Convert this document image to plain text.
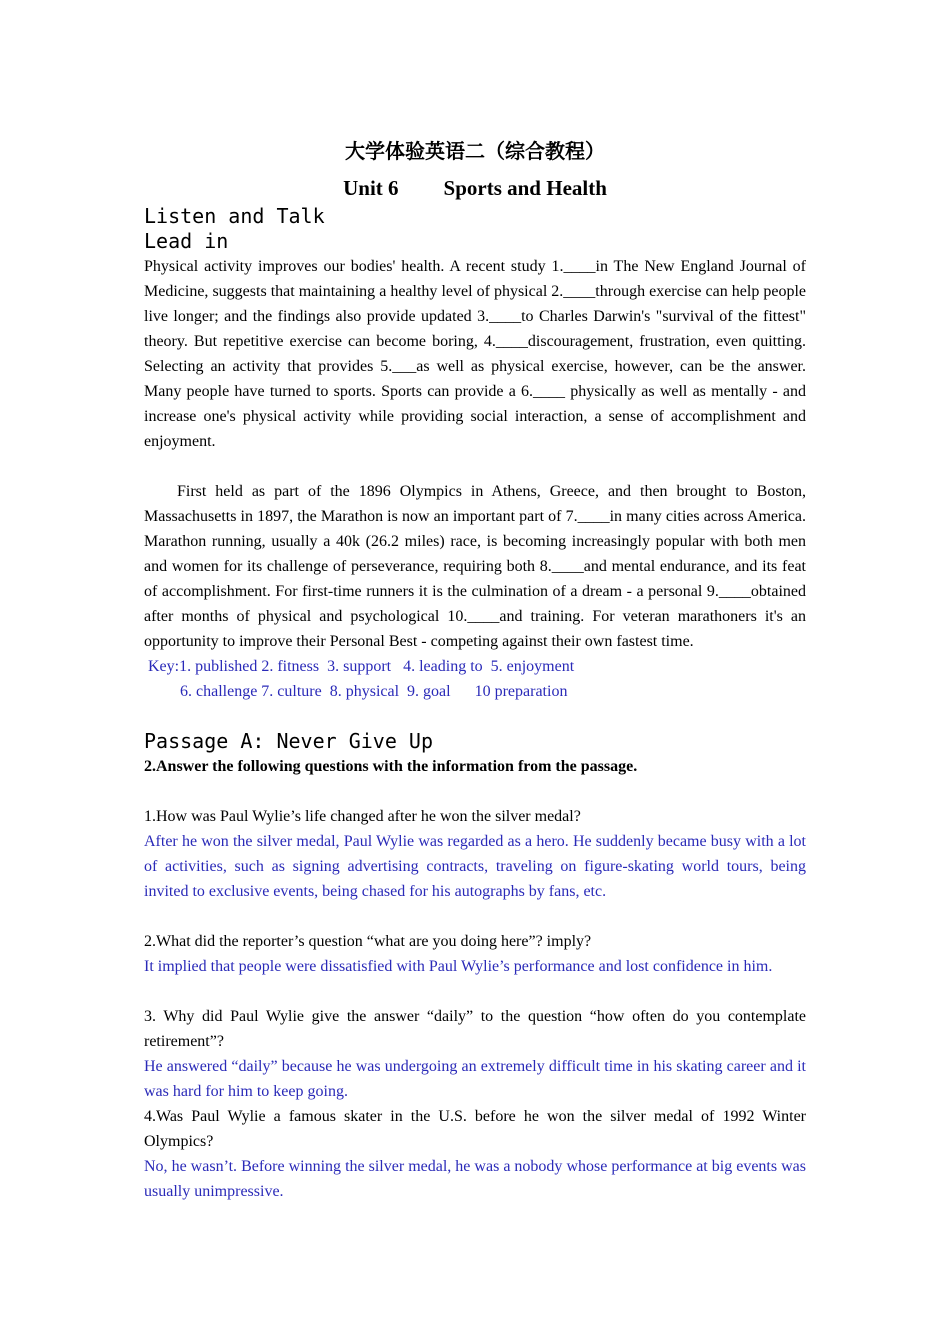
大学体验英语二（综合教程）
Unit 6 Sports and Health
Listen and Talk
Lead in

Physical activity improves our bodies' health. A recent study 1.____in The New England Journal of Medicine, suggests that maintaining a healthy level of physical 2.____through exercise can help people live longer; and the findings also provide updated 3.____to Charles Darwin's "survival of the fittest" theory. But repetitive exercise can become boring, 4.____discouragement, frustration, even quitting. Selecting an activity that provides 5.___as well as physical exercise, however, can be the answer. Many people have turned to sports. Sports can provide a 6.____ physically as well as mentally - and increase one's physical activity while providing social interaction, a sense of accomplishment and enjoyment.

First held as part of the 1896 Olympics in Athens, Greece, and then brought to Boston, Massachusetts in 1897, the Marathon is now an important part of 7.____in many cities across America. Marathon running, usually a 40k (26.2 miles) race, is becoming increasingly popular with both men and women for its challenge of perseverance, requiring both 8.____and mental endurance, and its feat of accomplishment. For first-time runners it is the culmination of a dream - a personal 9.____obtained after months of physical and psychological 10.____and training. For veteran marathoners it's an opportunity to improve their Personal Best - competing against their own fastest time.

Key:1. published 2. fitness  3. support   4. leading to  5. enjoyment

6. challenge 7. culture  8. physical  9. goal      10 preparation

Passage A: Never Give Up

2.Answer the following questions with the information from the passage.

1.How was Paul Wylie’s life changed after he won the silver medal?

After he won the silver medal, Paul Wylie was regarded as a hero. He suddenly became busy with a lot of activities, such as signing advertising contracts, traveling on figure-skating world tours, being invited to exclusive events, being chased for his autographs by fans, etc.

2.What did the reporter’s question “what are you doing here”? imply?

It implied that people were dissatisfied with Paul Wylie’s performance and lost confidence in him.

3. Why did Paul Wylie give the answer “daily” to the question “how often do you contemplate retirement”?

He answered “daily” because he was undergoing an extremely difficult time in his skating career and it was hard for him to keep going.

4.Was Paul Wylie a famous skater in the U.S. before he won the silver medal of 1992 Winter Olympics?

No, he wasn’t. Before winning the silver medal, he was a nobody whose performance at big events was usually unimpressive.
